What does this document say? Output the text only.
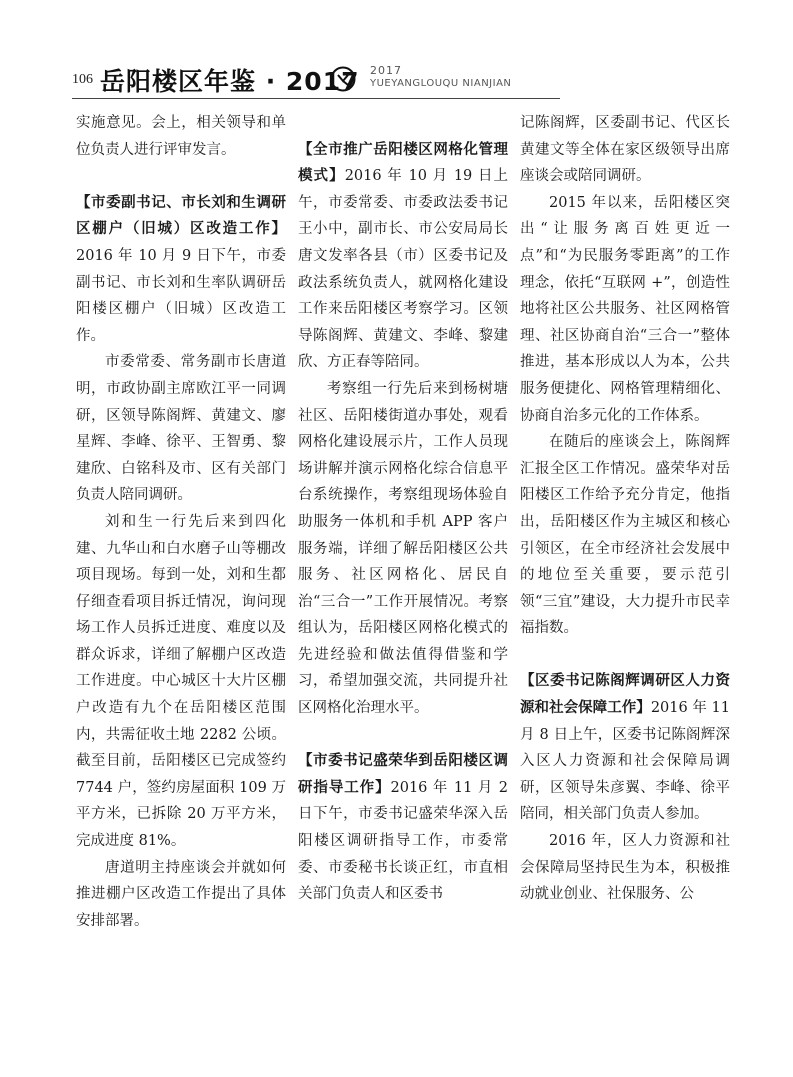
106 岳阳楼区年鉴 · 2017 2017
YUEYANGLOUQU NIANJIAN

实施意见。会上，相关领导和单位负责人进行评审发言。

【市委副书记、市长刘和生调研区棚户（旧城）区改造工作】2016 年 10 月 9 日下午，市委副书记、市长刘和生率队调研岳阳楼区棚户（旧城）区改造工作。

市委常委、常务副市长唐道明，市政协副主席欧江平一同调研，区领导陈阁辉、黄建文、廖星辉、李峰、徐平、王智勇、黎建欣、白铭科及市、区有关部门负责人陪同调研。

刘和生一行先后来到四化建、九华山和白水磨子山等棚改项目现场。每到一处，刘和生都仔细查看项目拆迁情况，询问现场工作人员拆迁进度、难度以及群众诉求，详细了解棚户区改造工作进度。中心城区十大片区棚户改造有九个在岳阳楼区范围内，共需征收土地 2282 公顷。截至目前，岳阳楼区已完成签约 7744 户，签约房屋面积 109 万平方米，已拆除 20 万平方米，完成进度 81%。

唐道明主持座谈会并就如何推进棚户区改造工作提出了具体安排部署。

【全市推广岳阳楼区网格化管理模式】2016 年 10 月 19 日上午，市委常委、市委政法委书记王小中，副市长、市公安局局长唐文发率各县（市）区委书记及政法系统负责人，就网格化建设工作来岳阳楼区考察学习。区领导陈阁辉、黄建文、李峰、黎建欣、方正春等陪同。

考察组一行先后来到杨树塘社区、岳阳楼街道办事处，观看网格化建设展示片，工作人员现场讲解并演示网格化综合信息平台系统操作，考察组现场体验自助服务一体机和手机 APP 客户服务端，详细了解岳阳楼区公共服务、社区网格化、居民自治“三合一”工作开展情况。考察组认为，岳阳楼区网格化模式的先进经验和做法值得借鉴和学习，希望加强交流，共同提升社区网格化治理水平。

【市委书记盛荣华到岳阳楼区调研指导工作】2016 年 11 月 2 日下午，市委书记盛荣华深入岳阳楼区调研指导工作，市委常委、市委秘书长谈正红，市直相关部门负责人和区委书

记陈阁辉，区委副书记、代区长黄建文等全体在家区级领导出席座谈会或陪同调研。

2015 年以来，岳阳楼区突出“让服务离百姓更近一点”和“为民服务零距离”的工作理念，依托“互联网 +”，创造性地将社区公共服务、社区网格管理、社区协商自治“三合一”整体推进，基本形成以人为本，公共服务便捷化、网格管理精细化、协商自治多元化的工作体系。

在随后的座谈会上，陈阁辉汇报全区工作情况。盛荣华对岳阳楼区工作给予充分肯定，他指出，岳阳楼区作为主城区和核心引领区，在全市经济社会发展中的地位至关重要，要示范引领“三宜”建设，大力提升市民幸福指数。

【区委书记陈阁辉调研区人力资源和社会保障工作】2016 年 11 月 8 日上午，区委书记陈阁辉深入区人力资源和社会保障局调研，区领导朱彦翼、李峰、徐平陪同，相关部门负责人参加。

2016 年，区人力资源和社会保障局坚持民生为本，积极推动就业创业、社保服务、公
